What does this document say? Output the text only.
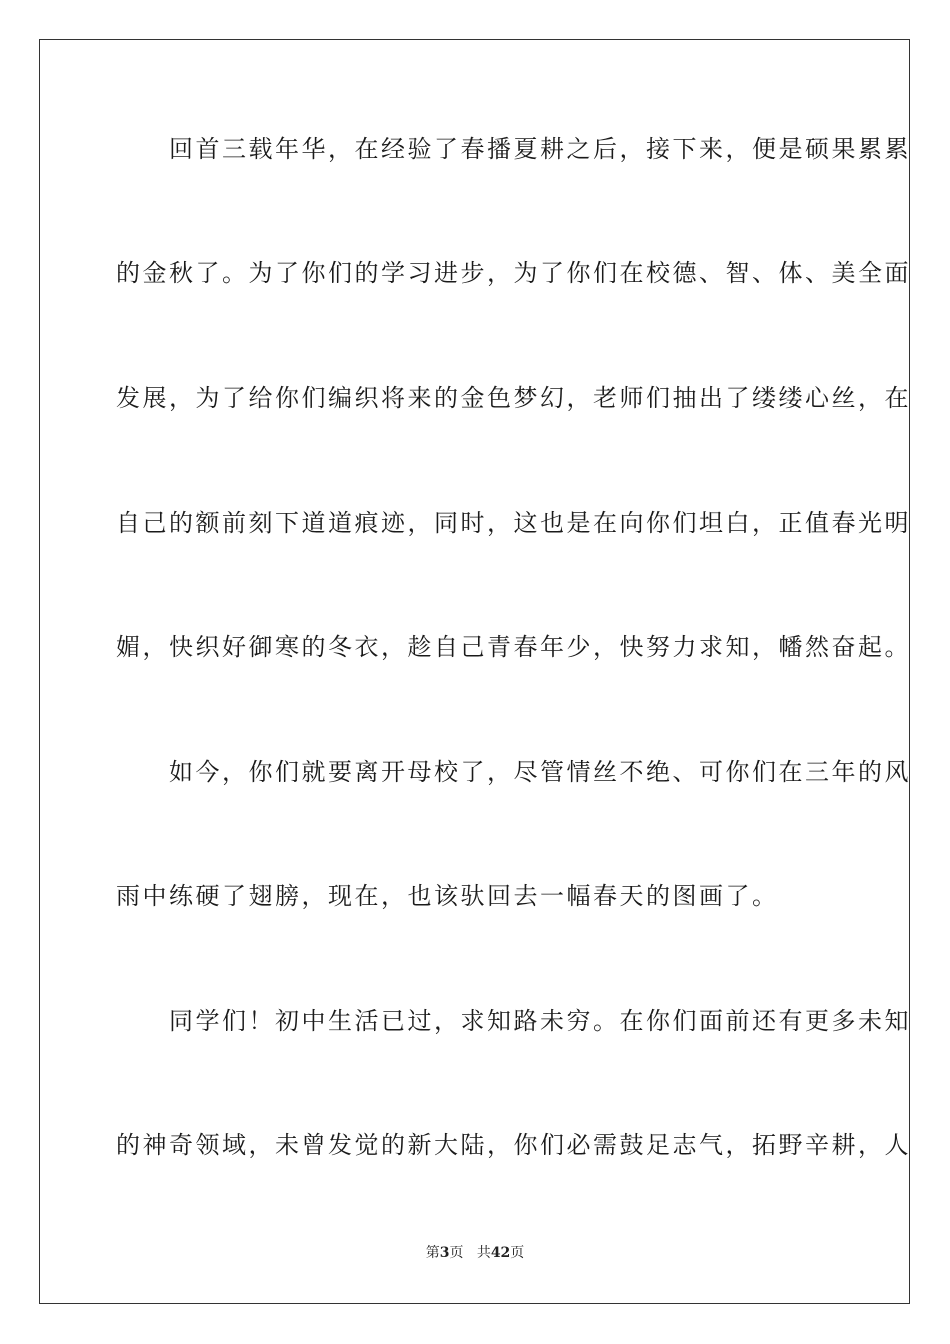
　　回首三载年华，在经验了春播夏耕之后，接下来，便是硕果累累
的金秋了。为了你们的学习进步，为了你们在校德、智、体、美全面
发展，为了给你们编织将来的金色梦幻，老师们抽出了缕缕心丝，在
自己的额前刻下道道痕迹，同时，这也是在向你们坦白，正值春光明
媚，快织好御寒的冬衣，趁自己青春年少，快努力求知，幡然奋起。
　　如今，你们就要离开母校了，尽管情丝不绝、可你们在三年的风
雨中练硬了翅膀，现在，也该驮回去一幅春天的图画了。
　　同学们！初中生活已过，求知路未穷。在你们面前还有更多未知
的神奇领域，未曾发觉的新大陆，你们必需鼓足志气，拓野辛耕，人
第3页 共42页
